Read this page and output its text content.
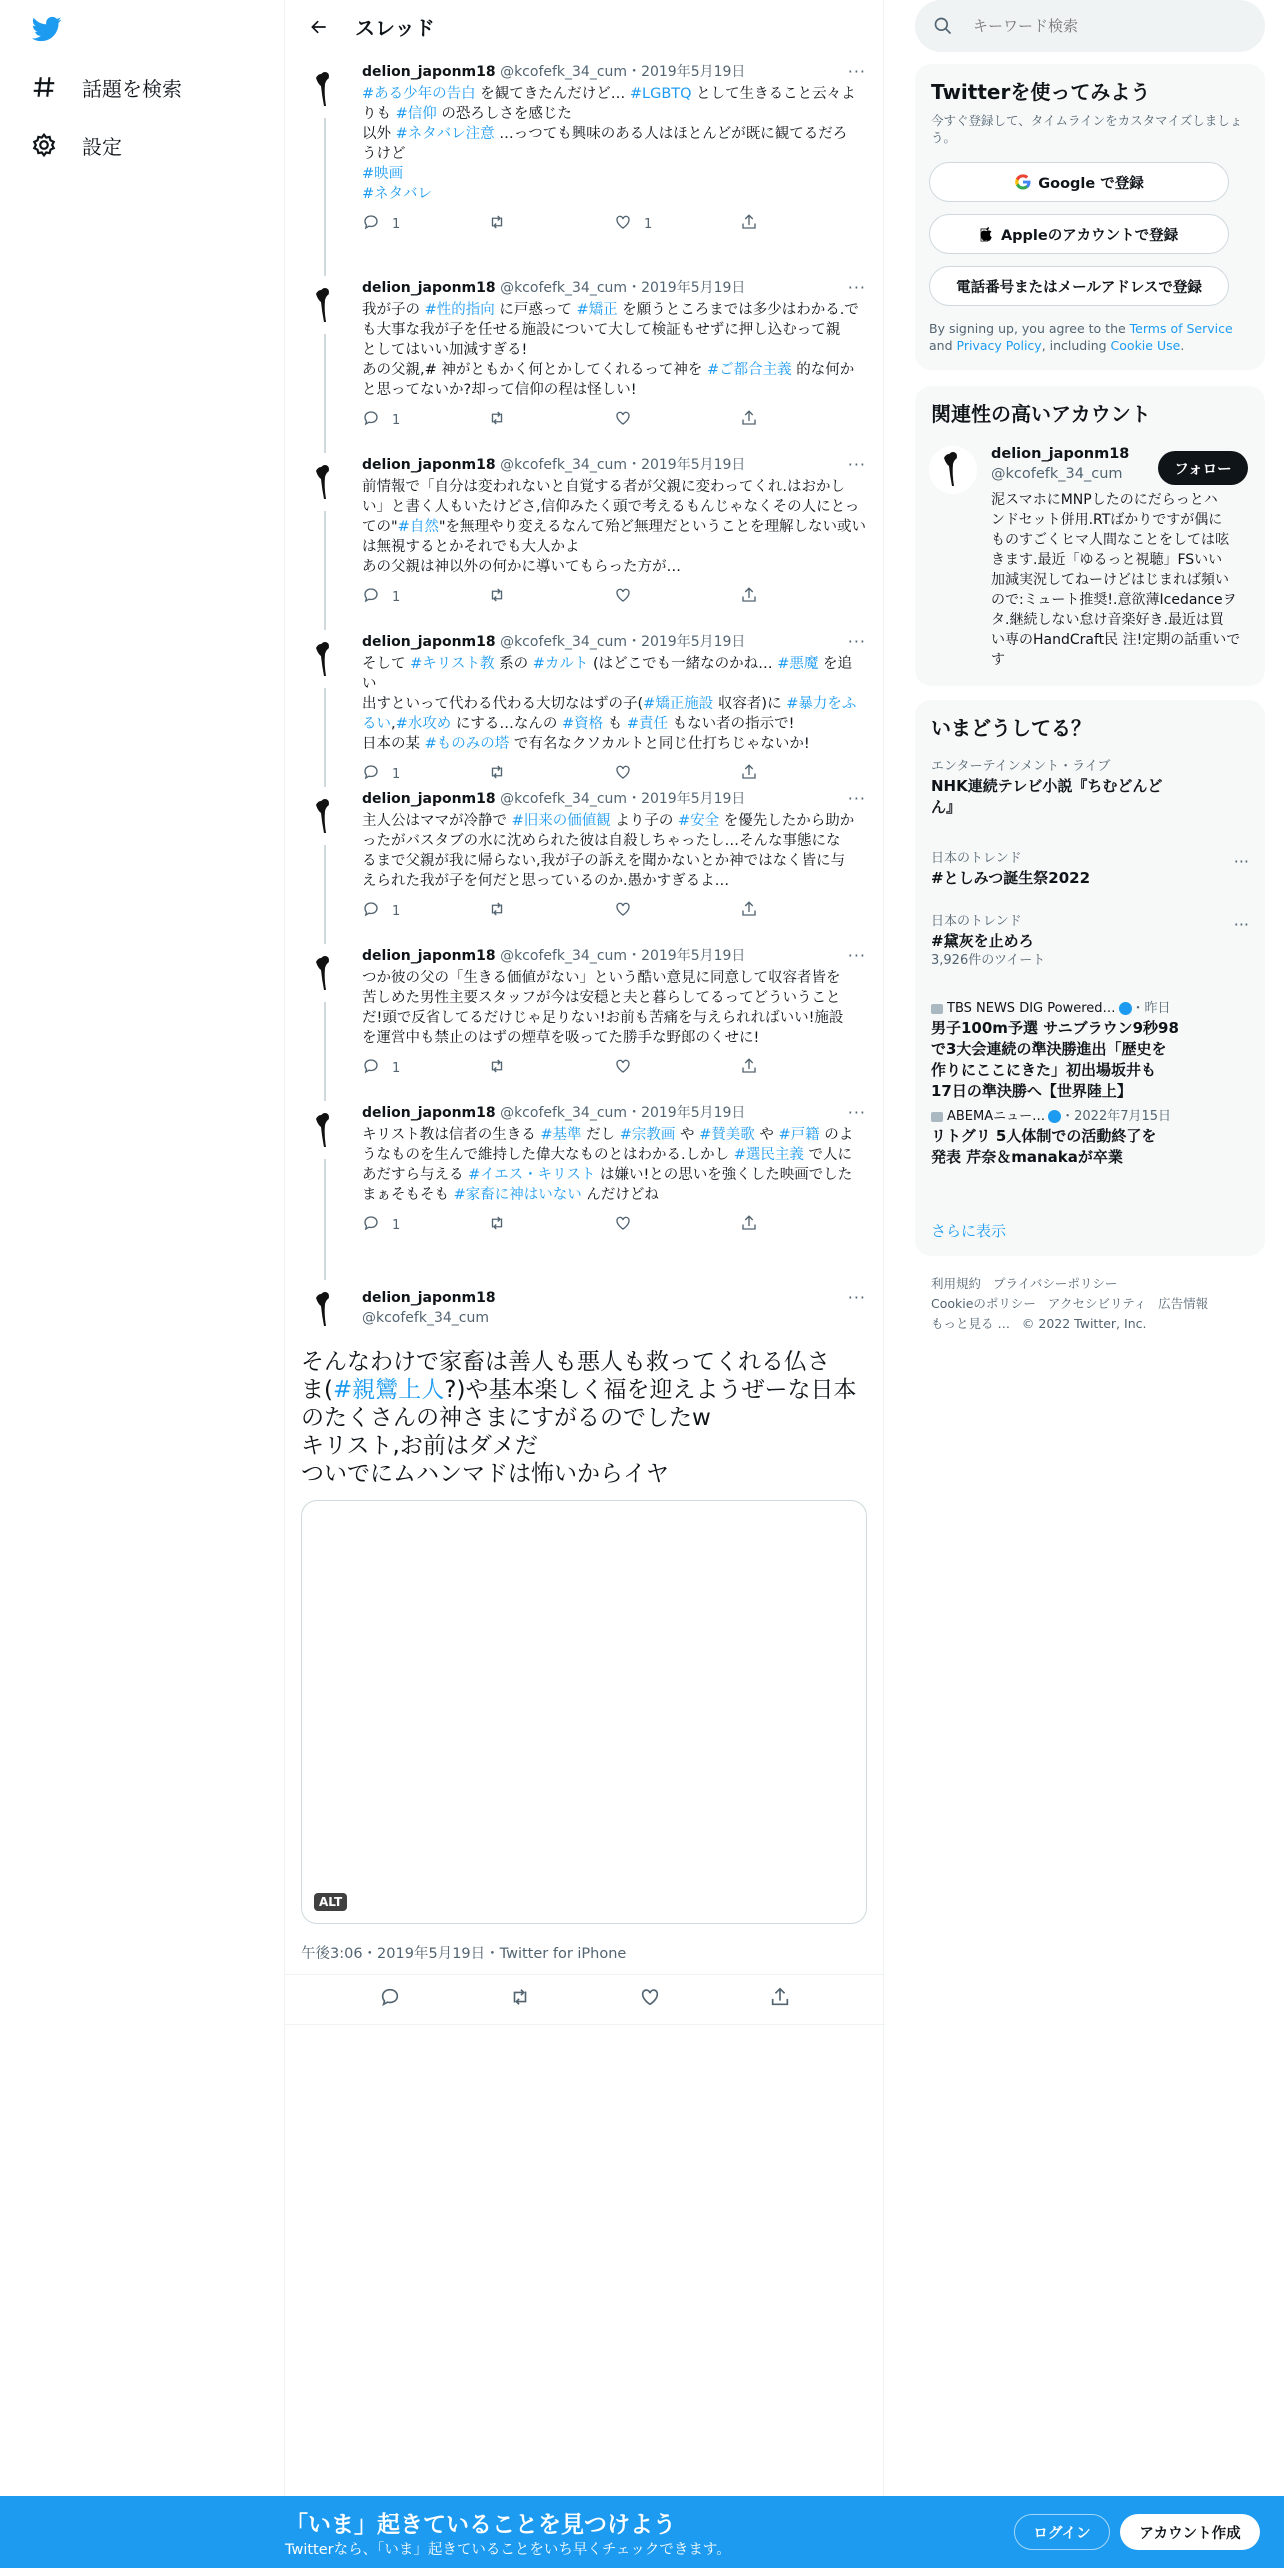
話題を検索
設定
スレッド
delion_japonm18 @kcofefk_34_cum・2019年5月19日	···
#ある少年の告白 を観てきたんだけど… #LGBTQ として生きること云々よ
りも #信仰 の恐ろしさを感じた
以外 #ネタバレ注意 …っつても興味のある人はほとんどが既に観てるだろ
うけど
#映画
#ネタバレ
1	1
delion_japonm18 @kcofefk_34_cum・2019年5月19日	···
我が子の #性的指向 に戸惑って #矯正 を願うところまでは多少はわかる.で
も大事な我が子を任せる施設について大して検証もせずに押し込むって親
としてはいい加減すぎる!
あの父親,# 神がともかく何とかしてくれるって神を #ご都合主義 的な何か
と思ってないか?却って信仰の程は怪しい!
1
delion_japonm18 @kcofefk_34_cum・2019年5月19日	···
前情報で「自分は変われないと自覚する者が父親に変わってくれ.はおかしい」と書く人もいたけどさ,信仰みたく頭で考えるもんじゃなくその人にとっての"#自然"を無理やり変えるなんて殆ど無理だということを理解しない或いは無視するとかそれでも大人かよ
あの父親は神以外の何かに導いてもらった方が…
1
delion_japonm18 @kcofefk_34_cum・2019年5月19日	···
そして #キリスト教 系の #カルト (はどこでも一緒なのかね… #悪魔 を追い
出すといって代わる代わる大切なはずの子(#矯正施設 収容者)に #暴力をふ
るい,#水攻め にする…なんの #資格 も #責任 もない者の指示で!
日本の某 #ものみの塔 で有名なクソカルトと同じ仕打ちじゃないか!
1
delion_japonm18 @kcofefk_34_cum・2019年5月19日	···
主人公はママが冷静で #旧来の価値観 より子の #安全 を優先したから助か
ったがバスタブの水に沈められた彼は自殺しちゃったし…そんな事態にな
るまで父親が我に帰らない,我が子の訴えを聞かないとか神ではなく皆に与
えられた我が子を何だと思っているのか.愚かすぎるよ…
1
delion_japonm18 @kcofefk_34_cum・2019年5月19日	···
つか彼の父の「生きる価値がない」という酷い意見に同意して収容者皆を
苦しめた男性主要スタッフが今は安穏と夫と暮らしてるってどういうこと
だ!頭で反省してるだけじゃ足りない!お前も苦痛を与えられればいい!施設
を運営中も禁止のはずの煙草を吸ってた勝手な野郎のくせに!
1
delion_japonm18 @kcofefk_34_cum・2019年5月19日	···
キリスト教は信者の生きる #基準 だし #宗教画 や #賛美歌 や #戸籍 のよ
うなものを生んで維持した偉大なものとはわかる.しかし #選民主義 で人に
あだすら与える #イエス・キリスト は嫌い!との思いを強くした映画でした
まぁそもそも #家畜に神はいない んだけどね
1
delion_japonm18
@kcofefk_34_cum
···
そんなわけで家畜は善人も悪人も救ってくれる仏さ
ま(#親鸞上人?)や基本楽しく福を迎えようぜーな日本
のたくさんの神さまにすがるのでしたw
キリスト,お前はダメだ
ついでにムハンマドは怖いからイヤ
ALT
午後3:06・2019年5月19日・Twitter for iPhone
キーワード検索
Twitterを使ってみよう
今すぐ登録して、タイムラインをカスタマイズしましょう。
Google で登録
Appleのアカウントで登録
電話番号またはメールアドレスで登録
By signing up, you agree to the Terms of Service and Privacy Policy, including Cookie Use.
関連性の高いアカウント
delion_japonm18
@kcofefk_34_cum	フォロー
泥スマホにMNPしたのにだらっとハ
ンドセット併用.RTばかりですが偶に
ものすごくヒマ人間なことをしては呟
きます.最近「ゆるっと視聴」FSいい
加減実況してねーけどはじまれば頻い
ので:ミュート推奨!.意欲薄Icedanceヲ
タ.継続しない怠け音楽好き.最近は買
い専のHandCraft民 注!定期の話重いで
す
いまどうしてる？
エンターテインメント・ライブ
NHK連続テレビ小説『ちむどんど
ん』
日本のトレンド
#としみつ誕生祭2022
···
日本のトレンド
#黛灰を止めろ
3,926件のツイート
···
TBS NEWS DIG Powered… ・昨日
男子100m予選 サニブラウン9秒98
で3大会連続の準決勝進出「歴史を
作りにここにきた」初出場坂井も
17日の準決勝へ【世界陸上】
ABEMAニュー… ・2022年7月15日
リトグリ 5人体制での活動終了を
発表 芹奈＆manakaが卒業
さらに表示
利用規約 プライバシーポリシー
Cookieのポリシー アクセシビリティ 広告情報
もっと見る … © 2022 Twitter, Inc.
「いま」起きていることを見つけよう
Twitterなら、「いま」起きていることをいち早くチェックできます。
ログイン	アカウント作成
